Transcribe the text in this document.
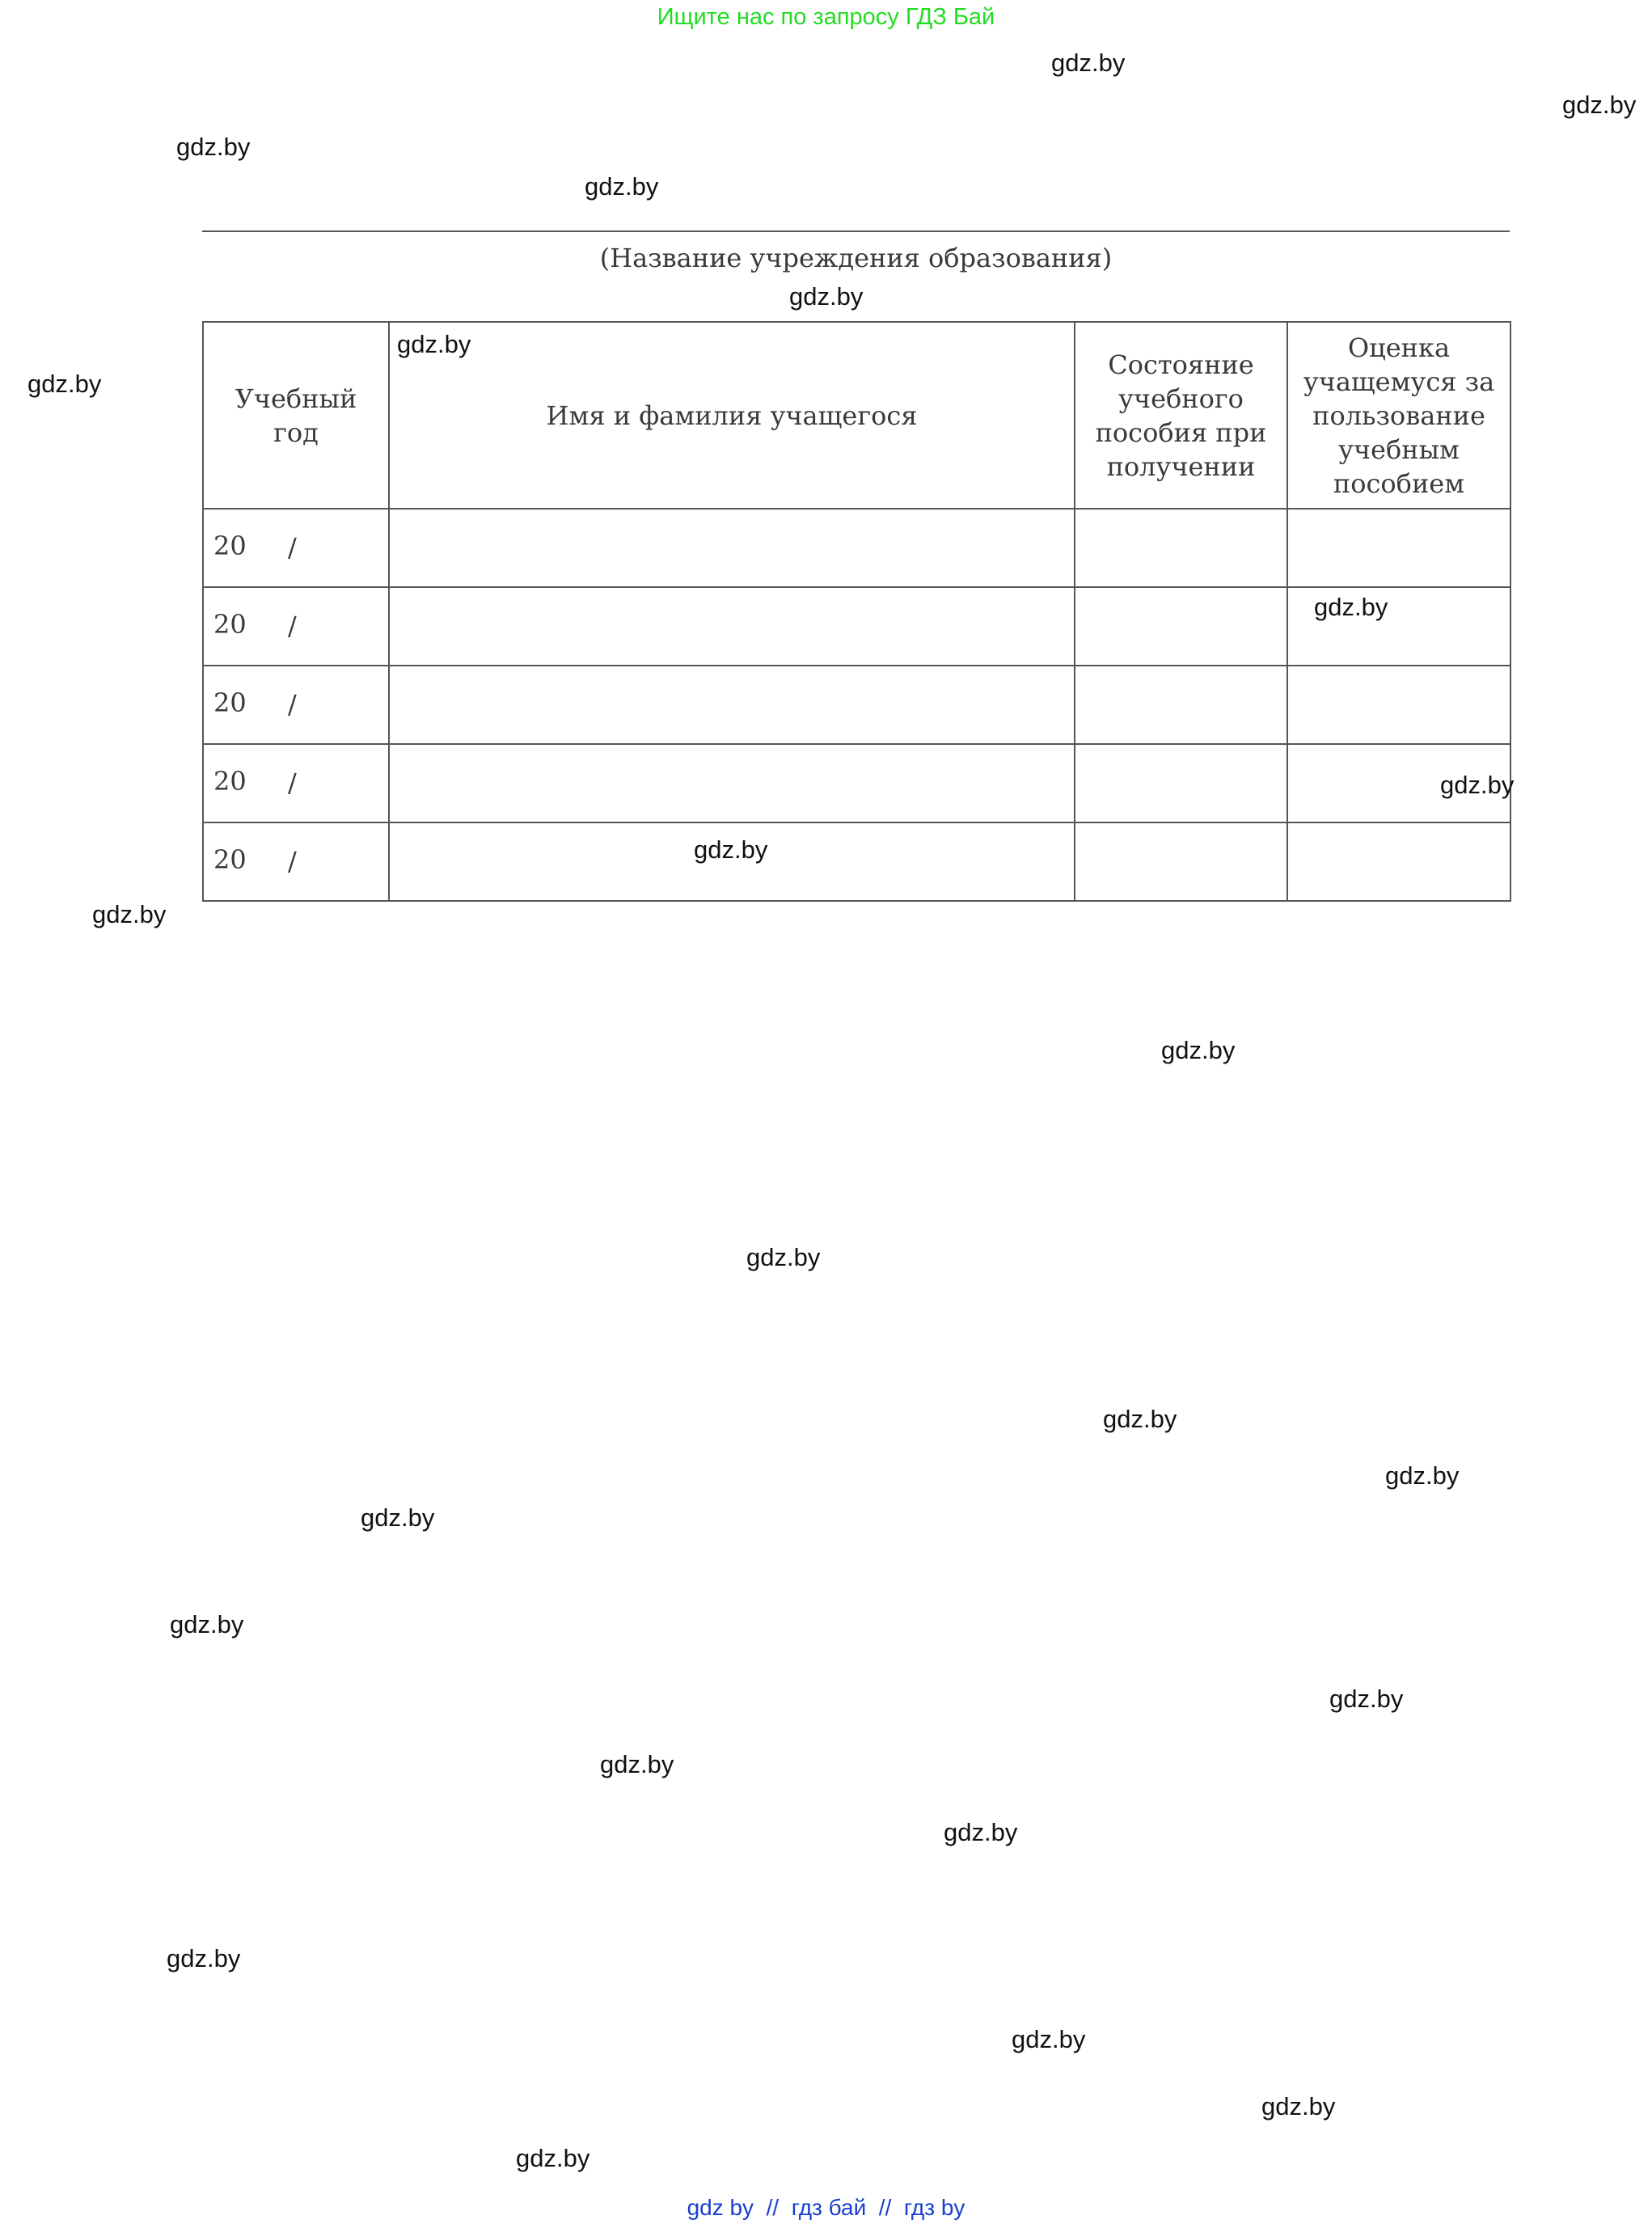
Ищите нас по запросу ГДЗ Бай
gdz.by
gdz.by
gdz.by
gdz.by
gdz.by
gdz.by
(Название учреждения образования)
Учебный год	Имя и фамилия учащегося	Состояние учебного пособия при получении	Оценка учащемуся за пользование учебным пособием

20 /			

20 /			

20 /			

20 /			

20 /			

gdz.by
gdz.by
gdz.by
gdz.by
gdz.by
gdz.by
gdz.by
gdz.by
gdz.by
gdz.by
gdz.by
gdz.by
gdz.by
gdz.by
gdz.by
gdz.by
gdz.by
gdz.by
gdz by  //  гдз бай  //  гдз by
